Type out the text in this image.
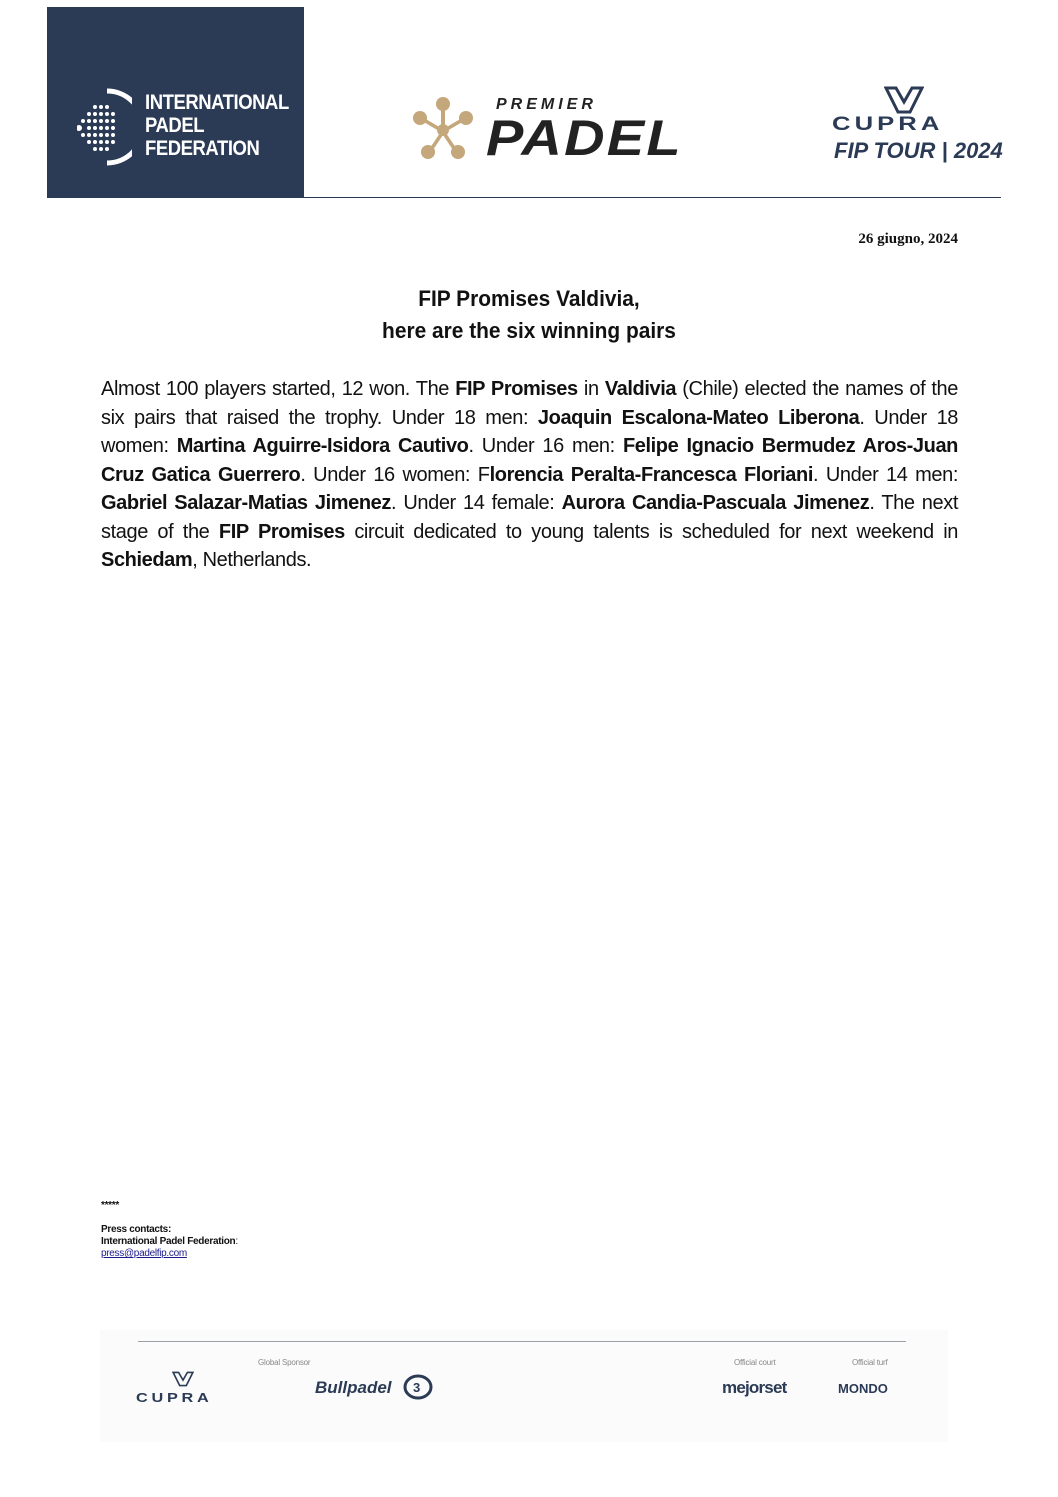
INTERNATIONAL
PADEL
FEDERATION
PREMIER
PADEL	CUPRA
FIP TOUR | 2024
26 giugno, 2024
FIP Promises Valdivia,
here are the six winning pairs
Almost 100 players started, 12 won. The FIP Promises in Valdivia (Chile) elected the names of the six pairs that raised the trophy. Under 18 men: Joaquin Escalona-Mateo Liberona. Under 18 women: Martina Aguirre-Isidora Cautivo. Under 16 men: Felipe Ignacio Bermudez Aros-Juan Cruz Gatica Guerrero. Under 16 women: Florencia Peralta-Francesca Floriani. Under 14 men: Gabriel Salazar-Matias Jimenez. Under 14 female: Aurora Candia-Pascuala Jimenez. The next stage of the FIP Promises circuit dedicated to young talents is scheduled for next weekend in Schiedam, Netherlands.
*****
Press contacts:
International Padel Federation:
press@padelfip.com
Global Sponsor	Official court	Official turf
CUPRA
Bullpadel 3	mejorset	MONDO
